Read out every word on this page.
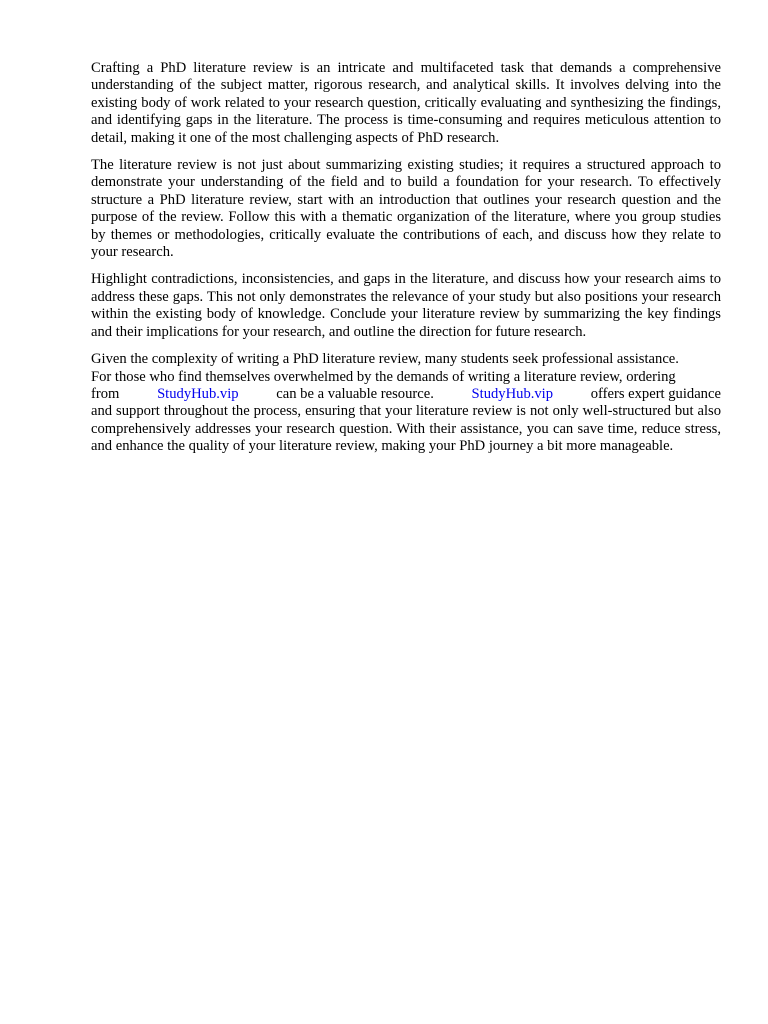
Crafting a PhD literature review is an intricate and multifaceted task that demands a comprehensive understanding of the subject matter, rigorous research, and analytical skills. It involves delving into the existing body of work related to your research question, critically evaluating and synthesizing the findings, and identifying gaps in the literature. The process is time-consuming and requires meticulous attention to detail, making it one of the most challenging aspects of PhD research.

The literature review is not just about summarizing existing studies; it requires a structured approach to demonstrate your understanding of the field and to build a foundation for your research. To effectively structure a PhD literature review, start with an introduction that outlines your research question and the purpose of the review. Follow this with a thematic organization of the literature, where you group studies by themes or methodologies, critically evaluate the contributions of each, and discuss how they relate to your research.

Highlight contradictions, inconsistencies, and gaps in the literature, and discuss how your research aims to address these gaps. This not only demonstrates the relevance of your study but also positions your research within the existing body of knowledge. Conclude your literature review by summarizing the key findings and their implications for your research, and outline the direction for future research.

Given the complexity of writing a PhD literature review, many students seek professional assistance.
For those who find themselves overwhelmed by the demands of writing a literature review, ordering
from	StudyHub.vip	can be a valuable resource.	StudyHub.vip	offers expert guidance
and support throughout the process, ensuring that your literature review is not only well-structured but also comprehensively addresses your research question. With their assistance, you can save time, reduce stress, and enhance the quality of your literature review, making your PhD journey a bit more manageable.
